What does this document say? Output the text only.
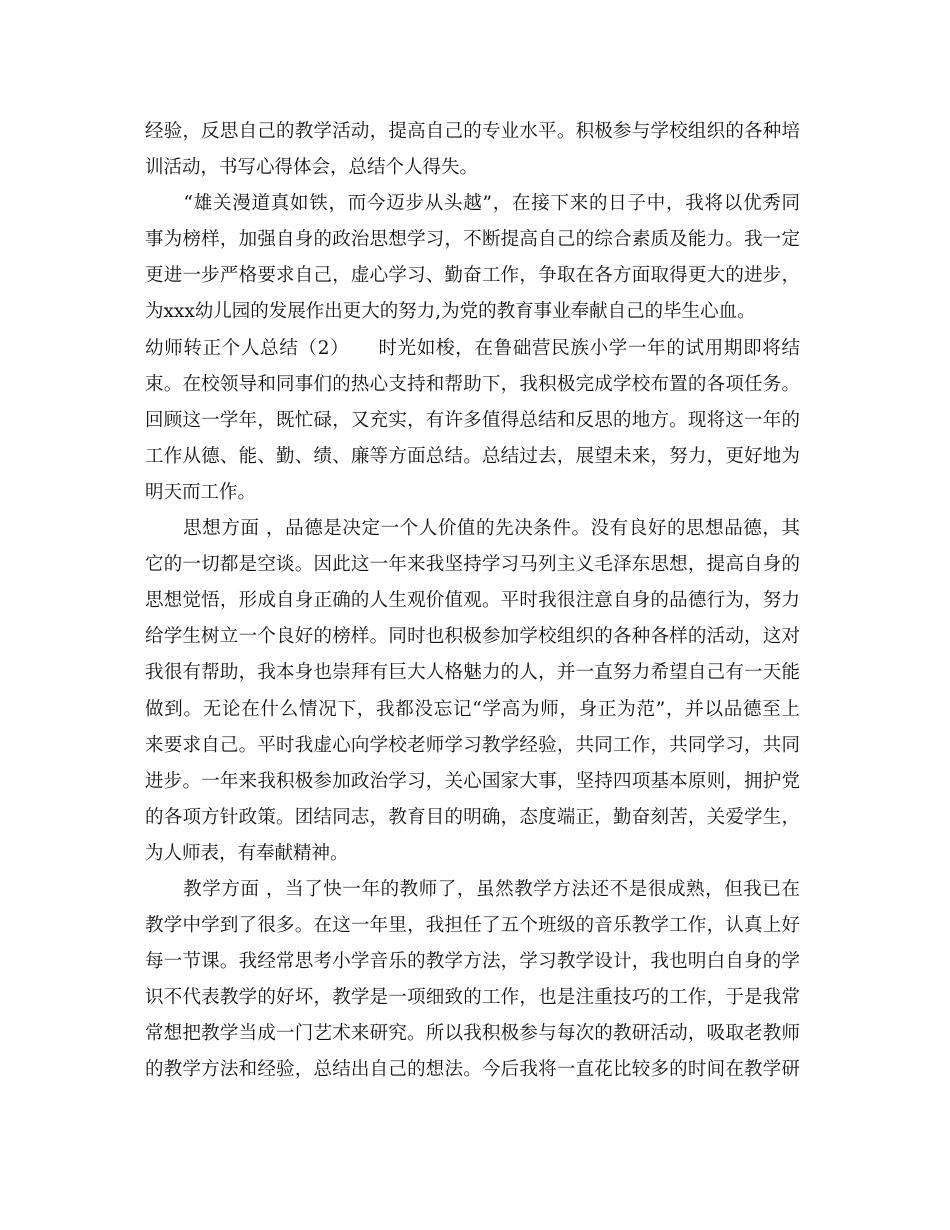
经验，反思自己的教学活动，提高自己的专业水平。积极参与学校组织的各种培
训活动，书写心得体会，总结个人得失。
　　“雄关漫道真如铁，而今迈步从头越”，在接下来的日子中，我将以优秀同
事为榜样，加强自身的政治思想学习，不断提高自己的综合素质及能力。我一定
更进一步严格要求自己，虚心学习、勤奋工作，争取在各方面取得更大的进步，
为xxx幼儿园的发展作出更大的努力,为党的教育事业奉献自己的毕生心血。
幼师转正个人总结（2）　　时光如梭，在鲁础营民族小学一年的试用期即将结
束。在校领导和同事们的热心支持和帮助下，我积极完成学校布置的各项任务。
回顾这一学年，既忙碌，又充实，有许多值得总结和反思的地方。现将这一年的
工作从德、能、勤、绩、廉等方面总结。总结过去，展望未来，努力，更好地为
明天而工作。
　　思想方面 ，品德是决定一个人价值的先决条件。没有良好的思想品德，其
它的一切都是空谈。因此这一年来我坚持学习马列主义毛泽东思想，提高自身的
思想觉悟，形成自身正确的人生观价值观。平时我很注意自身的品德行为，努力
给学生树立一个良好的榜样。同时也积极参加学校组织的各种各样的活动，这对
我很有帮助，我本身也崇拜有巨大人格魅力的人，并一直努力希望自己有一天能
做到。无论在什么情况下，我都没忘记“学高为师，身正为范”，并以品德至上
来要求自己。平时我虚心向学校老师学习教学经验，共同工作，共同学习，共同
进步。一年来我积极参加政治学习，关心国家大事，坚持四项基本原则，拥护党
的各项方针政策。团结同志，教育目的明确，态度端正，勤奋刻苦，关爱学生，
为人师表，有奉献精神。
　　教学方面 ，当了快一年的教师了，虽然教学方法还不是很成熟，但我已在
教学中学到了很多。在这一年里，我担任了五个班级的音乐教学工作，认真上好
每一节课。我经常思考小学音乐的教学方法，学习教学设计，我也明白自身的学
识不代表教学的好坏，教学是一项细致的工作，也是注重技巧的工作，于是我常
常想把教学当成一门艺术来研究。所以我积极参与每次的教研活动，吸取老教师
的教学方法和经验，总结出自己的想法。今后我将一直花比较多的时间在教学研
